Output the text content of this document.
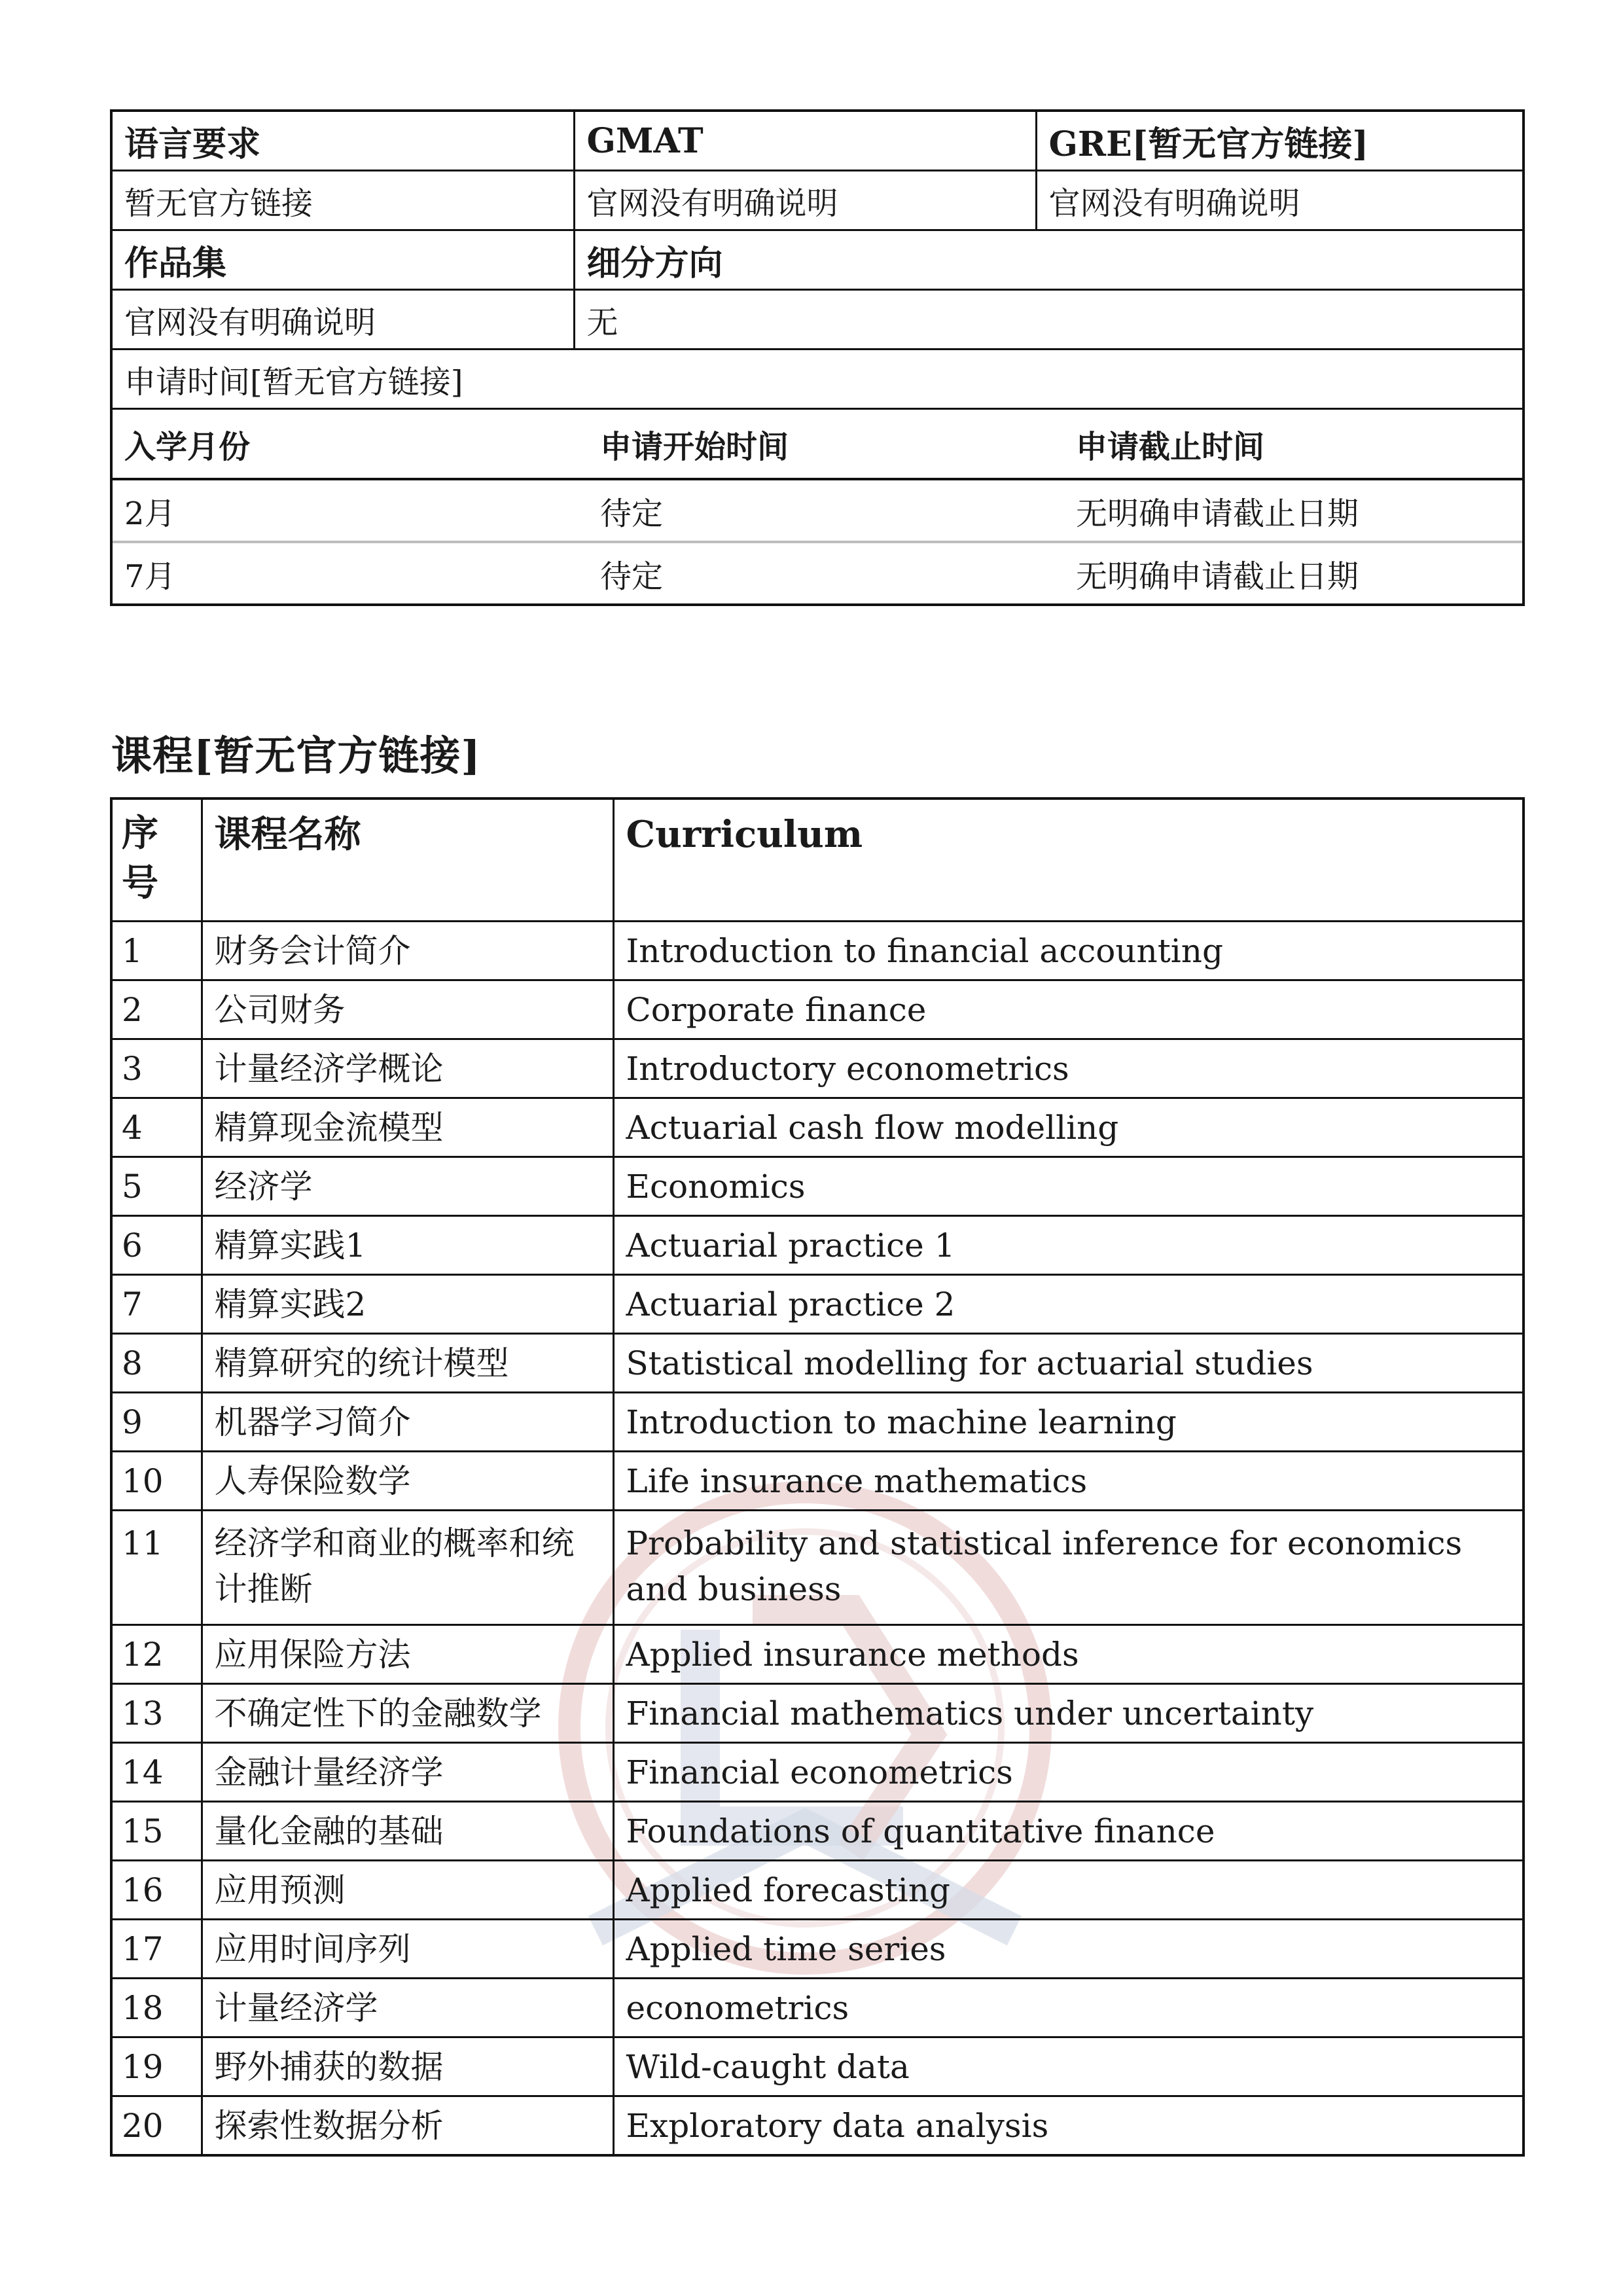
语言要求	GMAT	GRE[暂无官方链接]
暂无官方链接	官网没有明确说明	官网没有明确说明
作品集	细分方向
官网没有明确说明	无
申请时间[暂无官方链接]

入学月份	申请开始时间	申请截止时间
2月	待定	无明确申请截止日期
7月	待定	无明确申请截止日期
课程[暂无官方链接]
序号	课程名称	Curriculum
1	财务会计简介	Introduction to financial accounting
2	公司财务	Corporate finance
3	计量经济学概论	Introductory econometrics
4	精算现金流模型	Actuarial cash flow modelling
5	经济学	Economics
6	精算实践1	Actuarial practice 1
7	精算实践2	Actuarial practice 2
8	精算研究的统计模型	Statistical modelling for actuarial studies
9	机器学习简介	Introduction to machine learning
10	人寿保险数学	Life insurance mathematics
11	经济学和商业的概率和统计推断	Probability and statistical inference for economics and business
12	应用保险方法	Applied insurance methods
13	不确定性下的金融数学	Financial mathematics under uncertainty
14	金融计量经济学	Financial econometrics
15	量化金融的基础	Foundations of quantitative finance
16	应用预测	Applied forecasting
17	应用时间序列	Applied time series
18	计量经济学	econometrics
19	野外捕获的数据	Wild-caught data
20	探索性数据分析	Exploratory data analysis
